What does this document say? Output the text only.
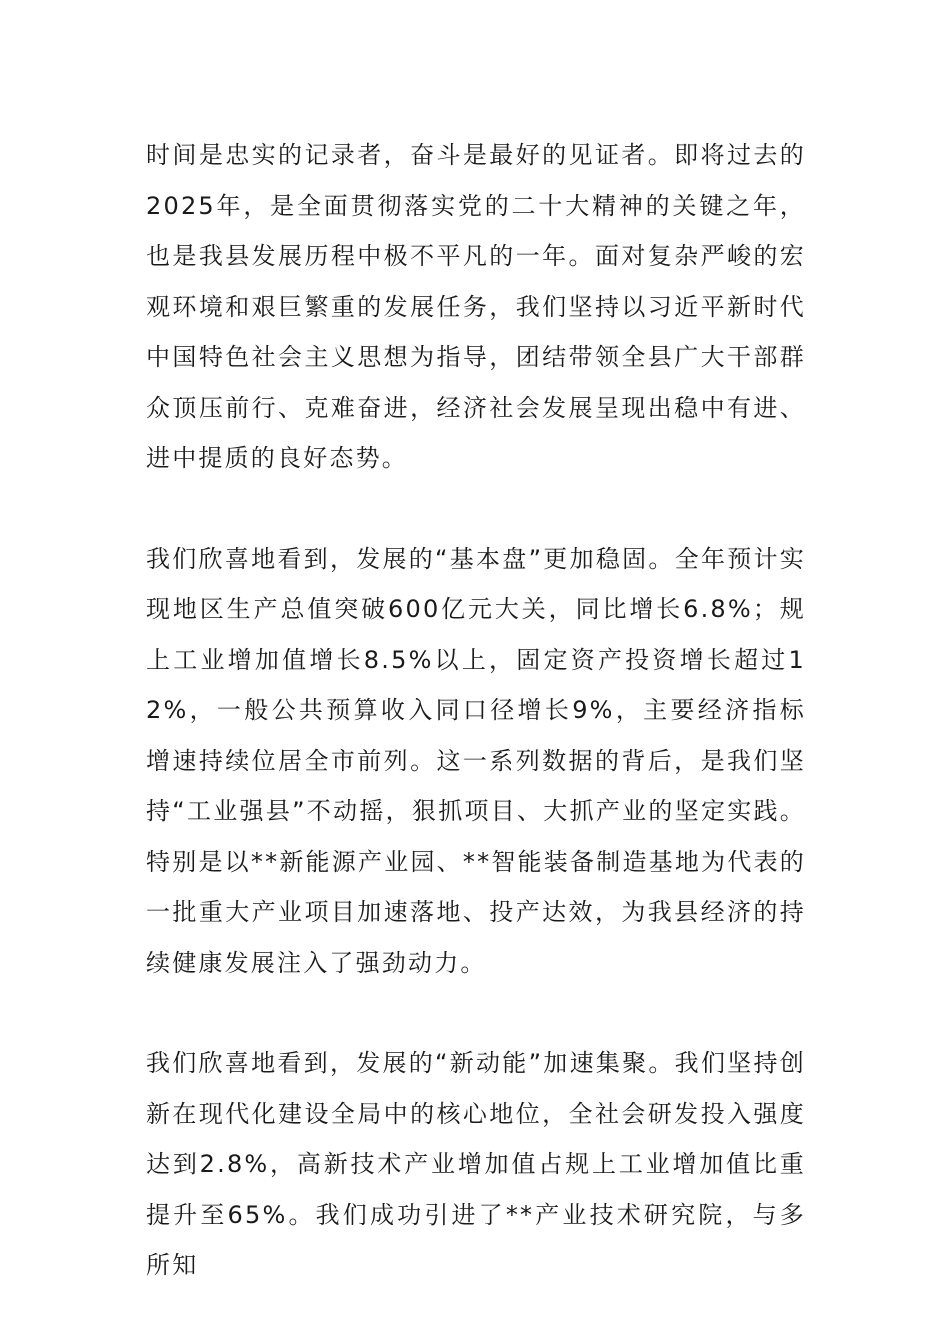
时间是忠实的记录者，奋斗是最好的见证者。即将过去的2025年，是全面贯彻落实党的二十大精神的关键之年，也是我县发展历程中极不平凡的一年。面对复杂严峻的宏观环境和艰巨繁重的发展任务，我们坚持以习近平新时代中国特色社会主义思想为指导，团结带领全县广大干部群众顶压前行、克难奋进，经济社会发展呈现出稳中有进、进中提质的良好态势。

我们欣喜地看到，发展的“基本盘”更加稳固。全年预计实现地区生产总值突破600亿元大关，同比增长6.8%；规上工业增加值增长8.5%以上，固定资产投资增长超过12%，一般公共预算收入同口径增长9%，主要经济指标增速持续位居全市前列。这一系列数据的背后，是我们坚持“工业强县”不动摇，狠抓项目、大抓产业的坚定实践。特别是以**新能源产业园、**智能装备制造基地为代表的一批重大产业项目加速落地、投产达效，为我县经济的持续健康发展注入了强劲动力。

我们欣喜地看到，发展的“新动能”加速集聚。我们坚持创新在现代化建设全局中的核心地位，全社会研发投入强度达到2.8%，高新技术产业增加值占规上工业增加值比重提升至65%。我们成功引进了**产业技术研究院，与多所知
